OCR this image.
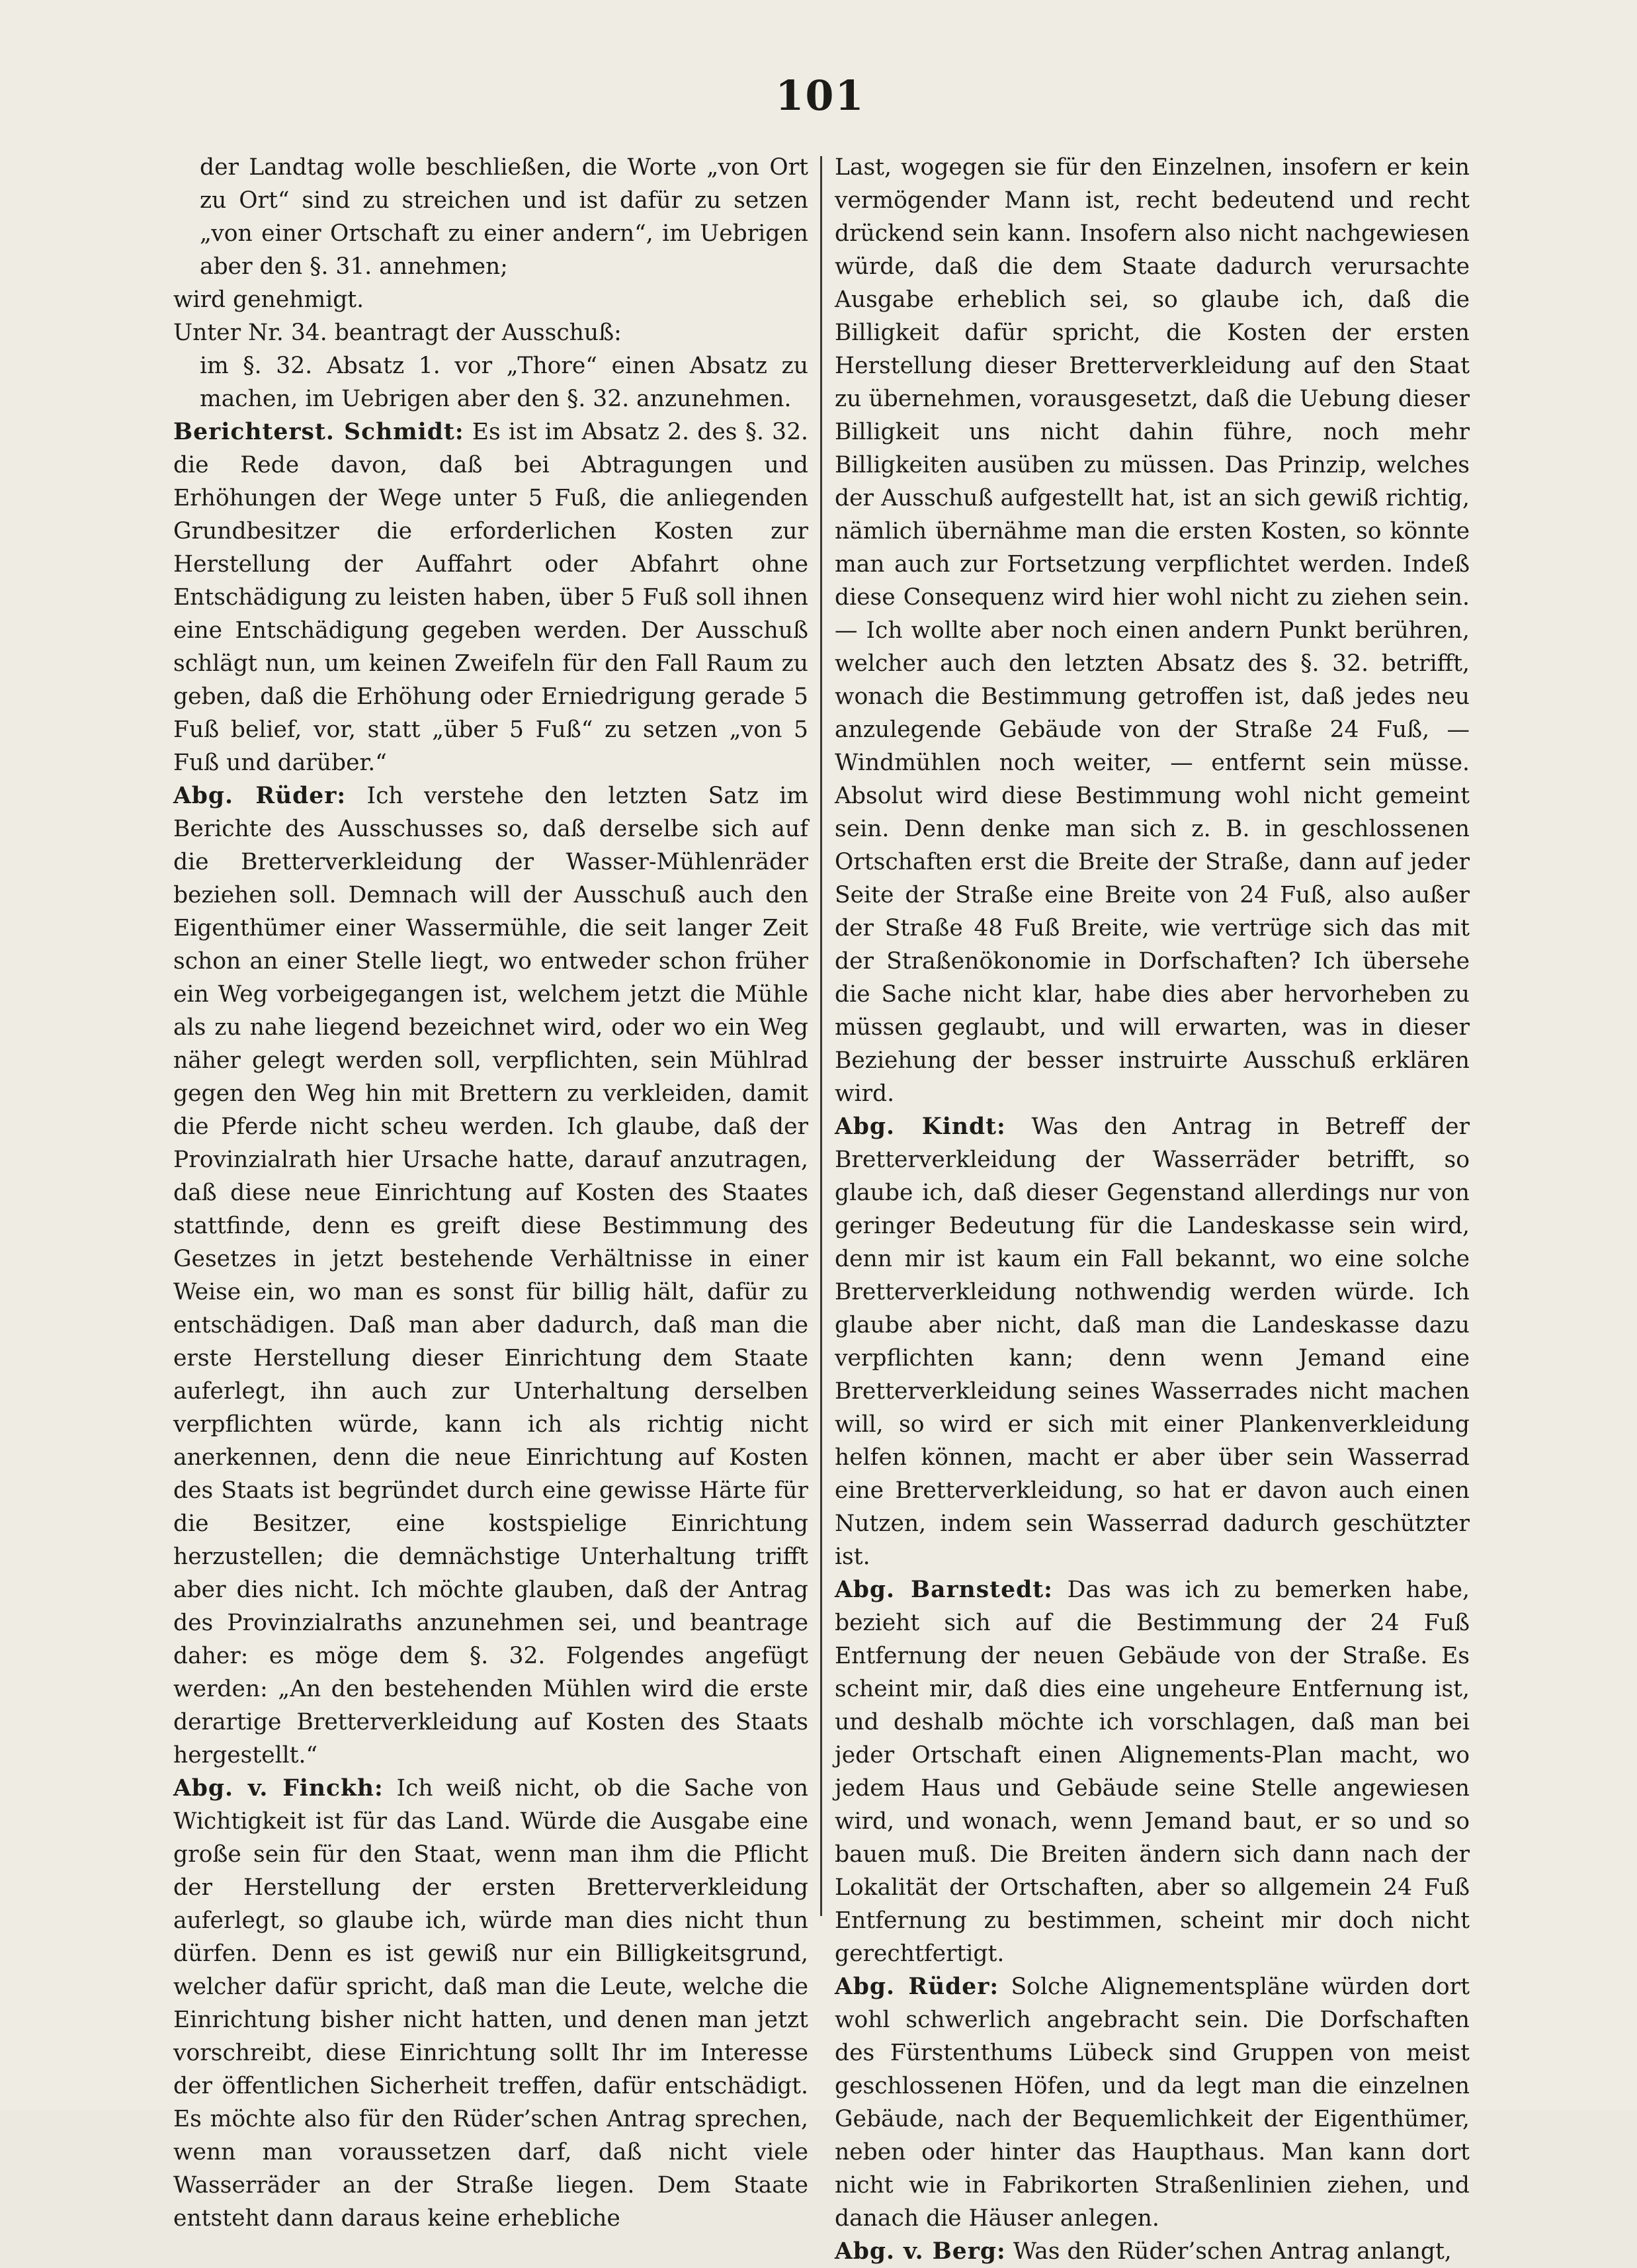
101

der Landtag wolle beschließen, die Worte „von Ort zu Ort“ sind zu streichen und ist dafür zu setzen „von einer Ortschaft zu einer andern“, im Uebrigen aber den §. 31. annehmen;

wird genehmigt.

Unter Nr. 34. beantragt der Ausschuß:

im §. 32. Absatz 1. vor „Thore“ einen Absatz zu machen, im Uebrigen aber den §. 32. anzunehmen.

Berichterst. Schmidt: Es ist im Absatz 2. des §. 32. die Rede davon, daß bei Abtragungen und Erhöhungen der Wege unter 5 Fuß, die anliegenden Grundbesitzer die erforderlichen Kosten zur Herstellung der Auffahrt oder Abfahrt ohne Entschädigung zu leisten haben, über 5 Fuß soll ihnen eine Entschädigung gegeben werden. Der Ausschuß schlägt nun, um keinen Zweifeln für den Fall Raum zu geben, daß die Erhöhung oder Erniedrigung gerade 5 Fuß belief, vor, statt „über 5 Fuß“ zu setzen „von 5 Fuß und darüber.“

Abg. Rüder: Ich verstehe den letzten Satz im Berichte des Ausschusses so, daß derselbe sich auf die Bretterverkleidung der Wasser-Mühlenräder beziehen soll. Demnach will der Ausschuß auch den Eigenthümer einer Wassermühle, die seit langer Zeit schon an einer Stelle liegt, wo entweder schon früher ein Weg vorbeigegangen ist, welchem jetzt die Mühle als zu nahe liegend bezeichnet wird, oder wo ein Weg näher gelegt werden soll, verpflichten, sein Mühlrad gegen den Weg hin mit Brettern zu verkleiden, damit die Pferde nicht scheu werden. Ich glaube, daß der Provinzialrath hier Ursache hatte, darauf anzutragen, daß diese neue Einrichtung auf Kosten des Staates stattfinde, denn es greift diese Bestimmung des Gesetzes in jetzt bestehende Verhältnisse in einer Weise ein, wo man es sonst für billig hält, dafür zu entschädigen. Daß man aber dadurch, daß man die erste Herstellung dieser Einrichtung dem Staate auferlegt, ihn auch zur Unterhaltung derselben verpflichten würde, kann ich als richtig nicht anerkennen, denn die neue Einrichtung auf Kosten des Staats ist begründet durch eine gewisse Härte für die Besitzer, eine kostspielige Einrichtung herzustellen; die demnächstige Unterhaltung trifft aber dies nicht. Ich möchte glauben, daß der Antrag des Provinzialraths anzunehmen sei, und beantrage daher: es möge dem §. 32. Folgendes angefügt werden: „An den bestehenden Mühlen wird die erste derartige Bretterverkleidung auf Kosten des Staats hergestellt.“

Abg. v. Finckh: Ich weiß nicht, ob die Sache von Wichtigkeit ist für das Land. Würde die Ausgabe eine große sein für den Staat, wenn man ihm die Pflicht der Herstellung der ersten Bretterverkleidung auferlegt, so glaube ich, würde man dies nicht thun dürfen. Denn es ist gewiß nur ein Billigkeitsgrund, welcher dafür spricht, daß man die Leute, welche die Einrichtung bisher nicht hatten, und denen man jetzt vorschreibt, diese Einrichtung sollt Ihr im Interesse der öffentlichen Sicherheit treffen, dafür entschädigt. Es möchte also für den Rüder’schen Antrag sprechen, wenn man voraussetzen darf, daß nicht viele Wasserräder an der Straße liegen. Dem Staate entsteht dann daraus keine erhebliche

Last, wogegen sie für den Einzelnen, insofern er kein vermögender Mann ist, recht bedeutend und recht drückend sein kann. Insofern also nicht nachgewiesen würde, daß die dem Staate dadurch verursachte Ausgabe erheblich sei, so glaube ich, daß die Billigkeit dafür spricht, die Kosten der ersten Herstellung dieser Bretterverkleidung auf den Staat zu übernehmen, vorausgesetzt, daß die Uebung dieser Billigkeit uns nicht dahin führe, noch mehr Billigkeiten ausüben zu müssen. Das Prinzip, welches der Ausschuß aufgestellt hat, ist an sich gewiß richtig, nämlich übernähme man die ersten Kosten, so könnte man auch zur Fortsetzung verpflichtet werden. Indeß diese Consequenz wird hier wohl nicht zu ziehen sein. — Ich wollte aber noch einen andern Punkt berühren, welcher auch den letzten Absatz des §. 32. betrifft, wonach die Bestimmung getroffen ist, daß jedes neu anzulegende Gebäude von der Straße 24 Fuß, — Windmühlen noch weiter, — entfernt sein müsse. Absolut wird diese Bestimmung wohl nicht gemeint sein. Denn denke man sich z. B. in geschlossenen Ortschaften erst die Breite der Straße, dann auf jeder Seite der Straße eine Breite von 24 Fuß, also außer der Straße 48 Fuß Breite, wie vertrüge sich das mit der Straßenökonomie in Dorfschaften? Ich übersehe die Sache nicht klar, habe dies aber hervorheben zu müssen geglaubt, und will erwarten, was in dieser Beziehung der besser instruirte Ausschuß erklären wird.

Abg. Kindt: Was den Antrag in Betreff der Bretterverkleidung der Wasserräder betrifft, so glaube ich, daß dieser Gegenstand allerdings nur von geringer Bedeutung für die Landeskasse sein wird, denn mir ist kaum ein Fall bekannt, wo eine solche Bretterverkleidung nothwendig werden würde. Ich glaube aber nicht, daß man die Landeskasse dazu verpflichten kann; denn wenn Jemand eine Bretterverkleidung seines Wasserrades nicht machen will, so wird er sich mit einer Plankenverkleidung helfen können, macht er aber über sein Wasserrad eine Bretterverkleidung, so hat er davon auch einen Nutzen, indem sein Wasserrad dadurch geschützter ist.

Abg. Barnstedt: Das was ich zu bemerken habe, bezieht sich auf die Bestimmung der 24 Fuß Entfernung der neuen Gebäude von der Straße. Es scheint mir, daß dies eine ungeheure Entfernung ist, und deshalb möchte ich vorschlagen, daß man bei jeder Ortschaft einen Alignements-Plan macht, wo jedem Haus und Gebäude seine Stelle angewiesen wird, und wonach, wenn Jemand baut, er so und so bauen muß. Die Breiten ändern sich dann nach der Lokalität der Ortschaften, aber so allgemein 24 Fuß Entfernung zu bestimmen, scheint mir doch nicht gerechtfertigt.

Abg. Rüder: Solche Alignementspläne würden dort wohl schwerlich angebracht sein. Die Dorfschaften des Fürstenthums Lübeck sind Gruppen von meist geschlossenen Höfen, und da legt man die einzelnen Gebäude, nach der Bequemlichkeit der Eigenthümer, neben oder hinter das Haupthaus. Man kann dort nicht wie in Fabrikorten Straßenlinien ziehen, und danach die Häuser anlegen.

Abg. v. Berg: Was den Rüder’schen Antrag anlangt,
